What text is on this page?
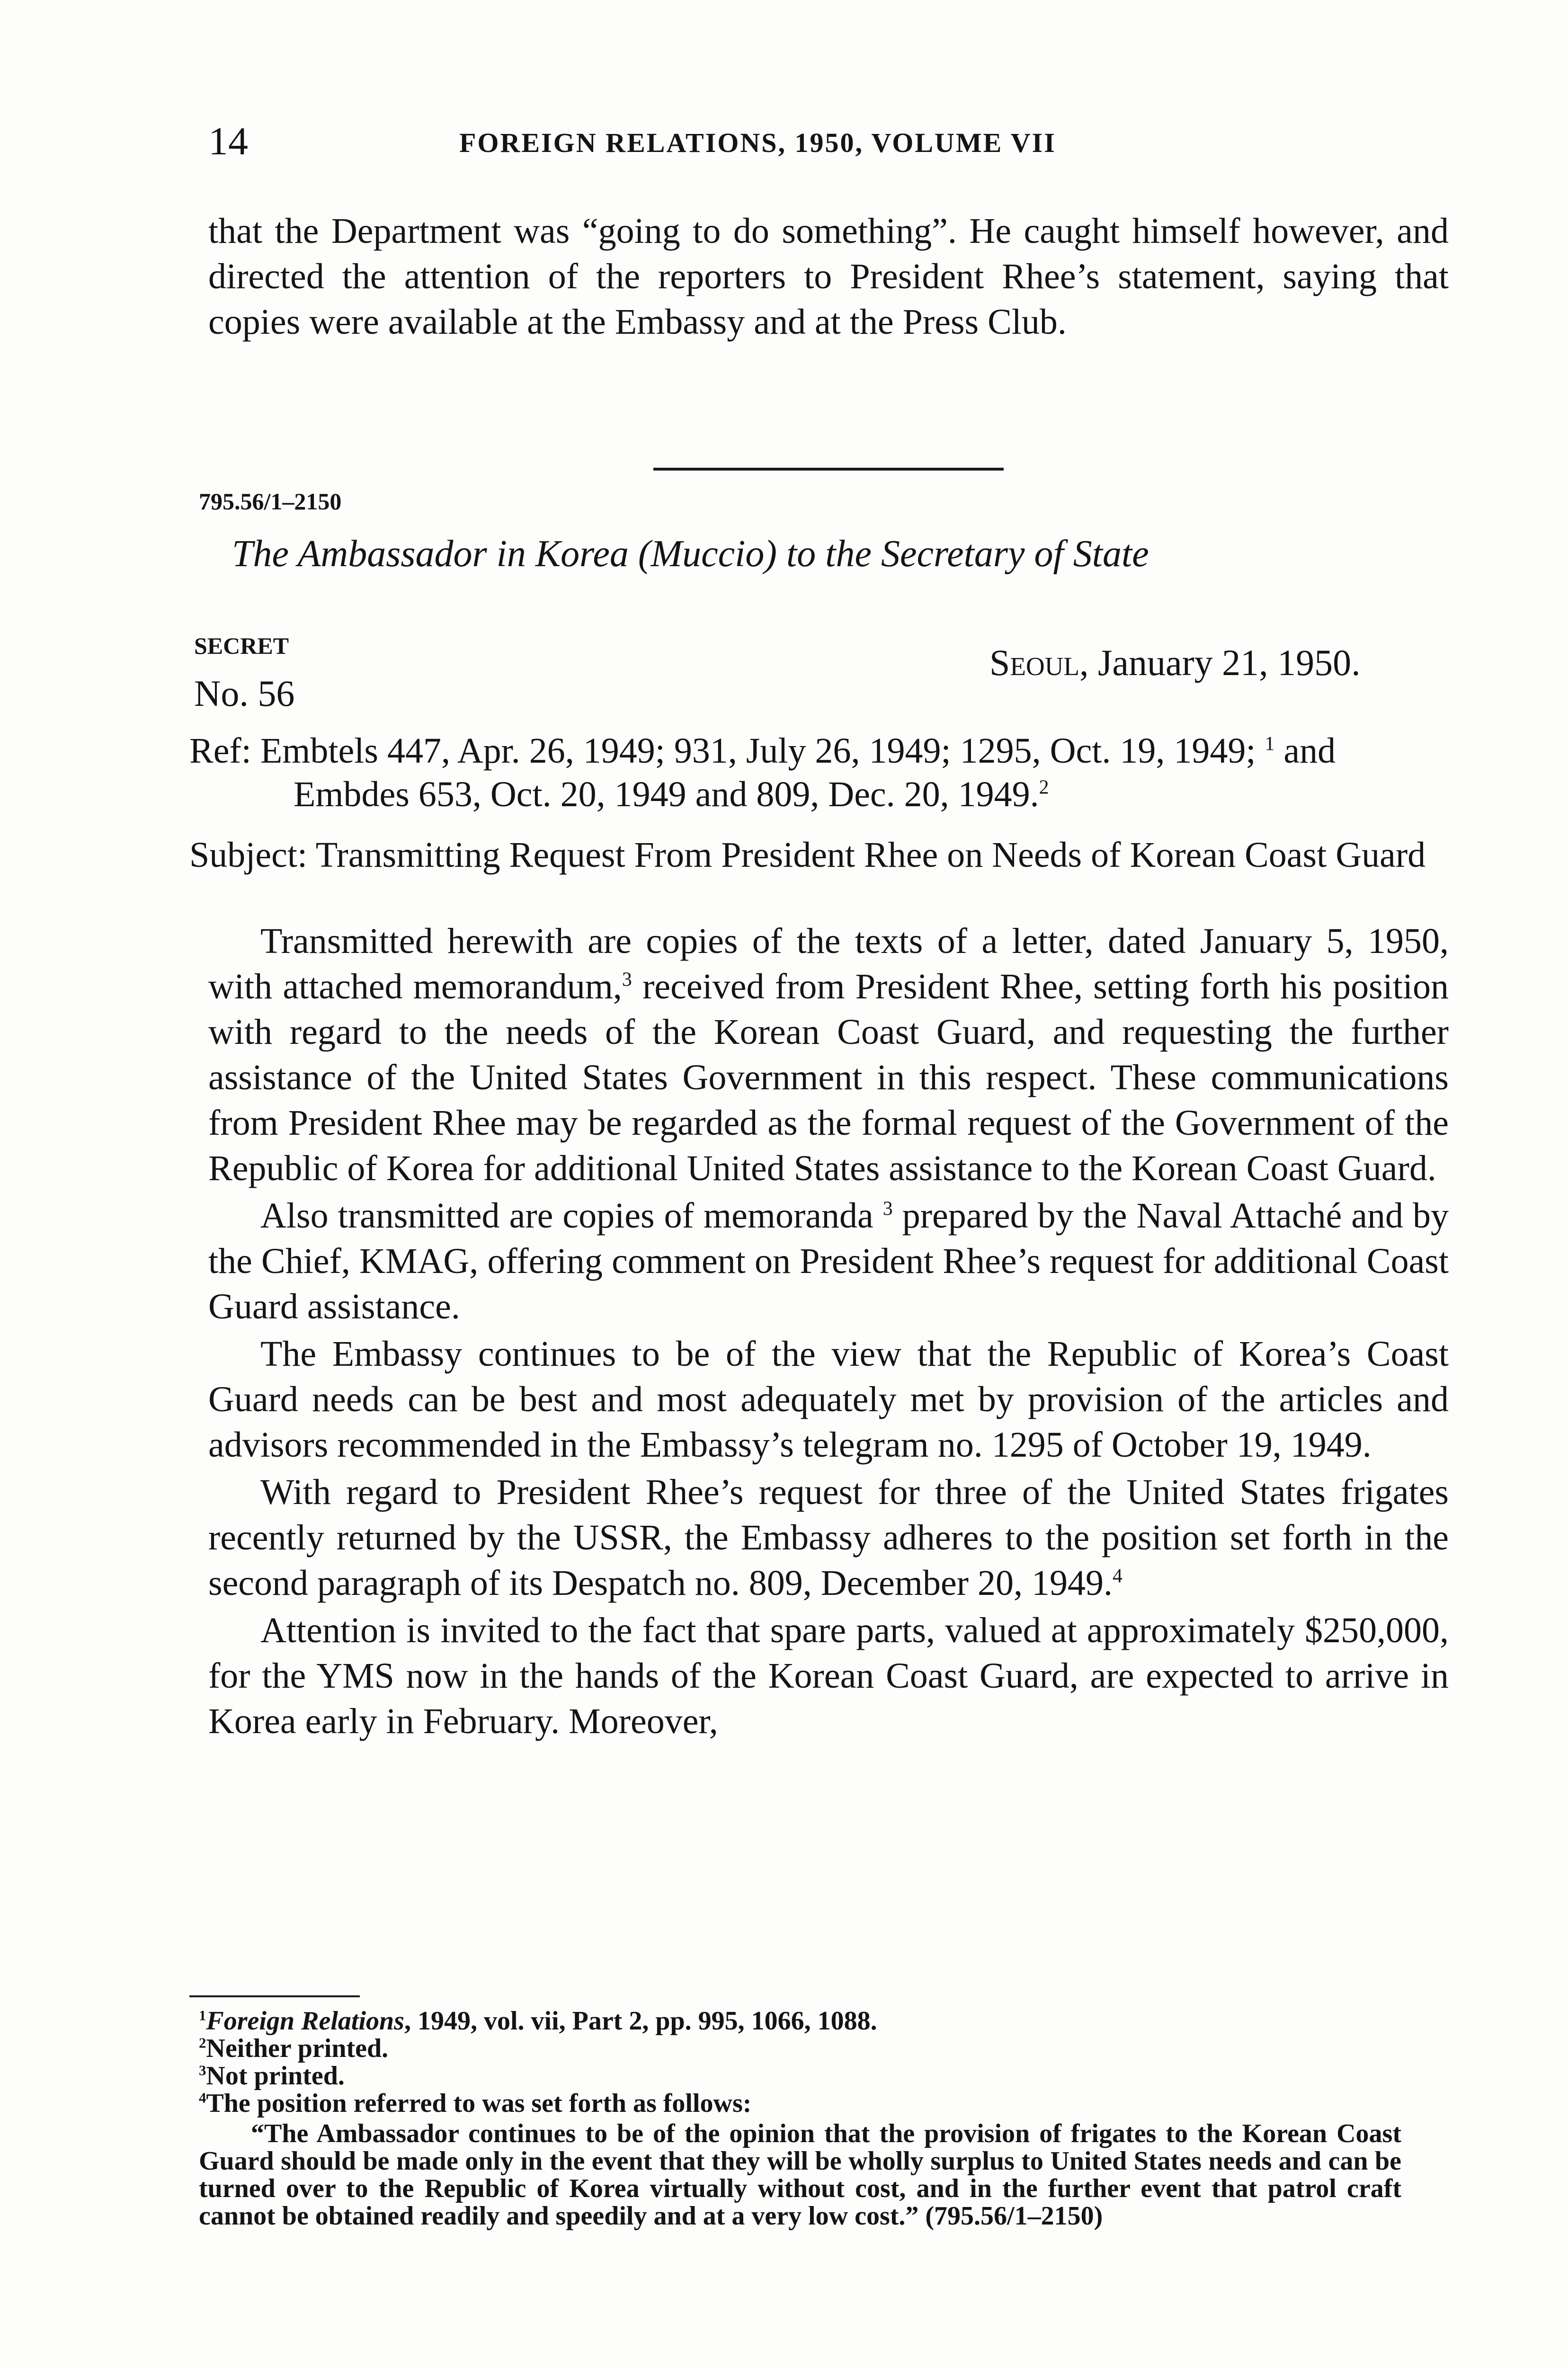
14	FOREIGN RELATIONS, 1950, VOLUME VII

that the Department was “going to do something”. He caught himself however, and directed the attention of the reporters to President Rhee’s statement, saying that copies were available at the Embassy and at the Press Club.

795.56/1–2150
The Ambassador in Korea (Muccio) to the Secretary of State
SECRET	Seoul, January 21, 1950.
No. 56

Ref: Embtels 447, Apr. 26, 1949; 931, July 26, 1949; 1295, Oct. 19, 1949; $^1$ and Embdes 653, Oct. 20, 1949 and 809, Dec. 20, 1949.$^2$

Subject: Transmitting Request From President Rhee on Needs of Korean Coast Guard

Transmitted herewith are copies of the texts of a letter, dated January 5, 1950, with attached memorandum,$^3$ received from President Rhee, setting forth his position with regard to the needs of the Korean Coast Guard, and requesting the further assistance of the United States Government in this respect. These communications from President Rhee may be regarded as the formal request of the Government of the Republic of Korea for additional United States assistance to the Korean Coast Guard.

Also transmitted are copies of memoranda $^3$ prepared by the Naval Attaché and by the Chief, KMAG, offering comment on President Rhee’s request for additional Coast Guard assistance.

The Embassy continues to be of the view that the Republic of Korea’s Coast Guard needs can be best and most adequately met by provision of the articles and advisors recommended in the Embassy’s telegram no. 1295 of October 19, 1949.

With regard to President Rhee’s request for three of the United States frigates recently returned by the USSR, the Embassy adheres to the position set forth in the second paragraph of its Despatch no. 809, December 20, 1949.$^4$

Attention is invited to the fact that spare parts, valued at approximately $250,000, for the YMS now in the hands of the Korean Coast Guard, are expected to arrive in Korea early in February. Moreover,

$^1$Foreign Relations, 1949, vol. vii, Part 2, pp. 995, 1066, 1088.

$^2$Neither printed.

$^3$Not printed.

$^4$The position referred to was set forth as follows:

“The Ambassador continues to be of the opinion that the provision of frigates to the Korean Coast Guard should be made only in the event that they will be wholly surplus to United States needs and can be turned over to the Republic of Korea virtually without cost, and in the further event that patrol craft cannot be obtained readily and speedily and at a very low cost.” (795.56/1–2150)
